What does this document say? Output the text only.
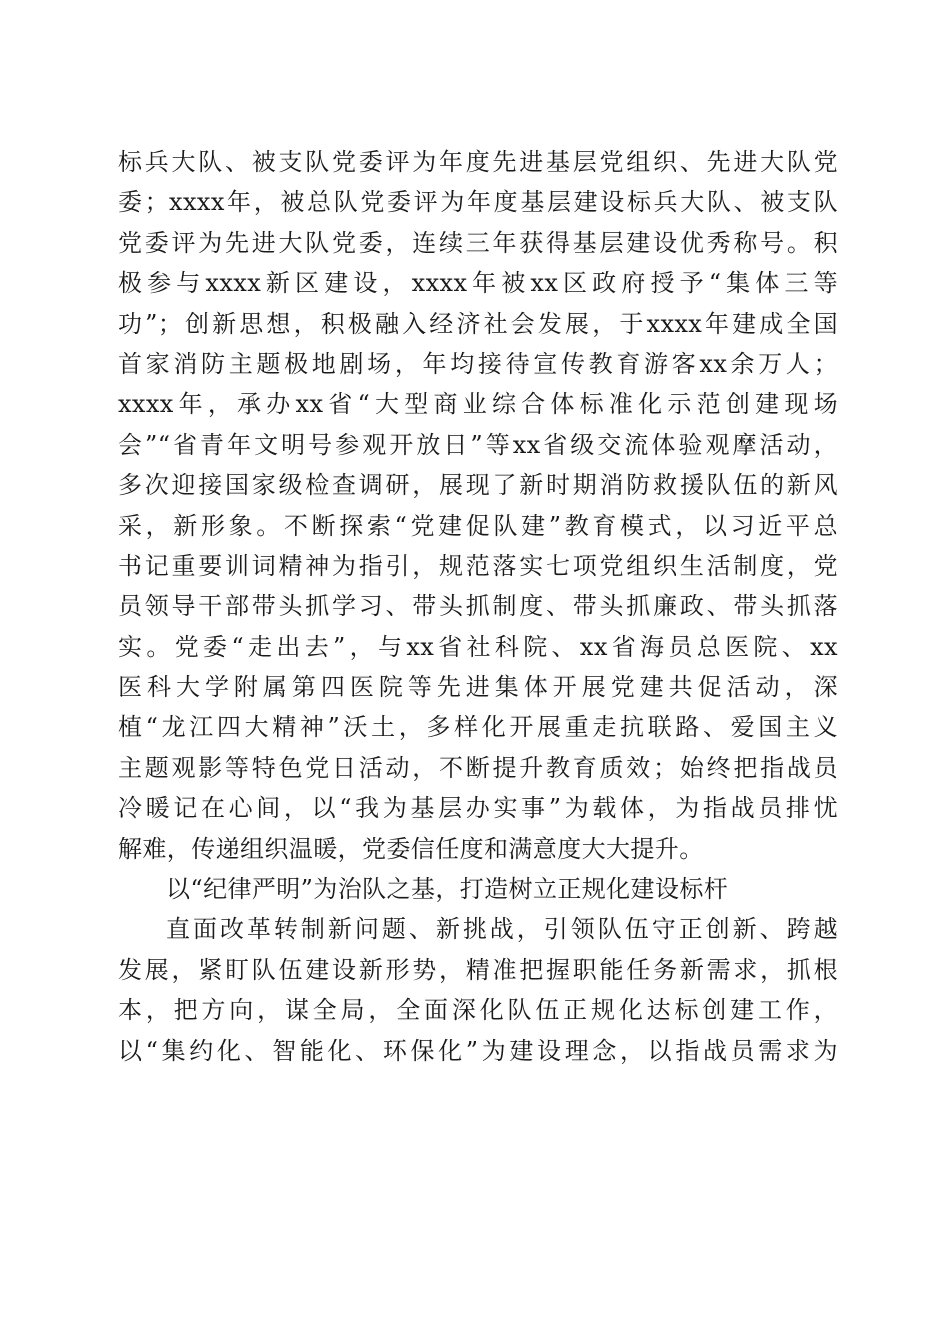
标兵大队、被支队党委评为年度先进基层党组织、先进大队党
委；xxxx年，被总队党委评为年度基层建设标兵大队、被支队
党委评为先进大队党委，连续三年获得基层建设优秀称号。积
极参与xxxx新区建设，xxxx年被xx区政府授予“集体三等
功”；创新思想，积极融入经济社会发展，于xxxx年建成全国
首家消防主题极地剧场，年均接待宣传教育游客xx余万人；
xxxx年，承办xx省“大型商业综合体标准化示范创建现场
会”“省青年文明号参观开放日”等xx省级交流体验观摩活动，
多次迎接国家级检查调研，展现了新时期消防救援队伍的新风
采，新形象。不断探索“党建促队建”教育模式，以习近平总
书记重要训词精神为指引，规范落实七项党组织生活制度，党
员领导干部带头抓学习、带头抓制度、带头抓廉政、带头抓落
实。党委“走出去”，与xx省社科院、xx省海员总医院、xx
医科大学附属第四医院等先进集体开展党建共促活动，深
植“龙江四大精神”沃土，多样化开展重走抗联路、爱国主义
主题观影等特色党日活动，不断提升教育质效；始终把指战员
冷暖记在心间，以“我为基层办实事”为载体，为指战员排忧
解难，传递组织温暖，党委信任度和满意度大大提升。
以“纪律严明”为治队之基，打造树立正规化建设标杆
直面改革转制新问题、新挑战，引领队伍守正创新、跨越
发展，紧盯队伍建设新形势，精准把握职能任务新需求，抓根
本，把方向，谋全局，全面深化队伍正规化达标创建工作，
以“集约化、智能化、环保化”为建设理念，以指战员需求为
